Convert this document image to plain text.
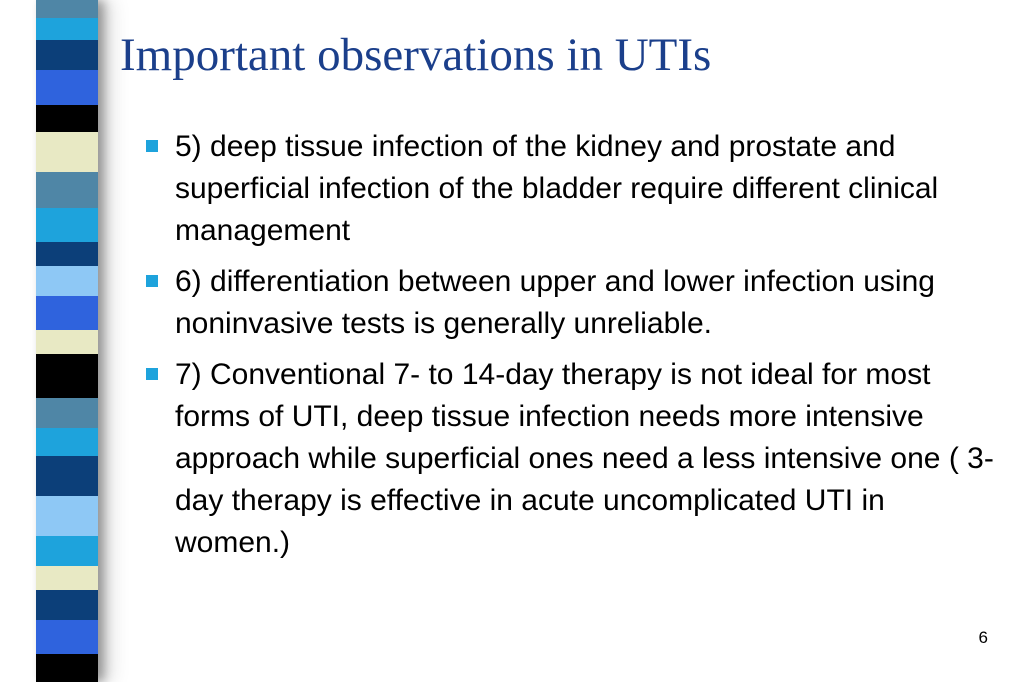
Important observations in UTIs
5) deep tissue infection of the kidney and prostate and superficial infection of the bladder require different clinical management
6) differentiation between upper and lower infection using noninvasive tests is generally unreliable.
7) Conventional 7- to 14-day therapy is not ideal for most forms of UTI, deep tissue infection needs more intensive approach while superficial ones need a less intensive one ( 3-day therapy is effective in acute uncomplicated UTI in women.)
6
